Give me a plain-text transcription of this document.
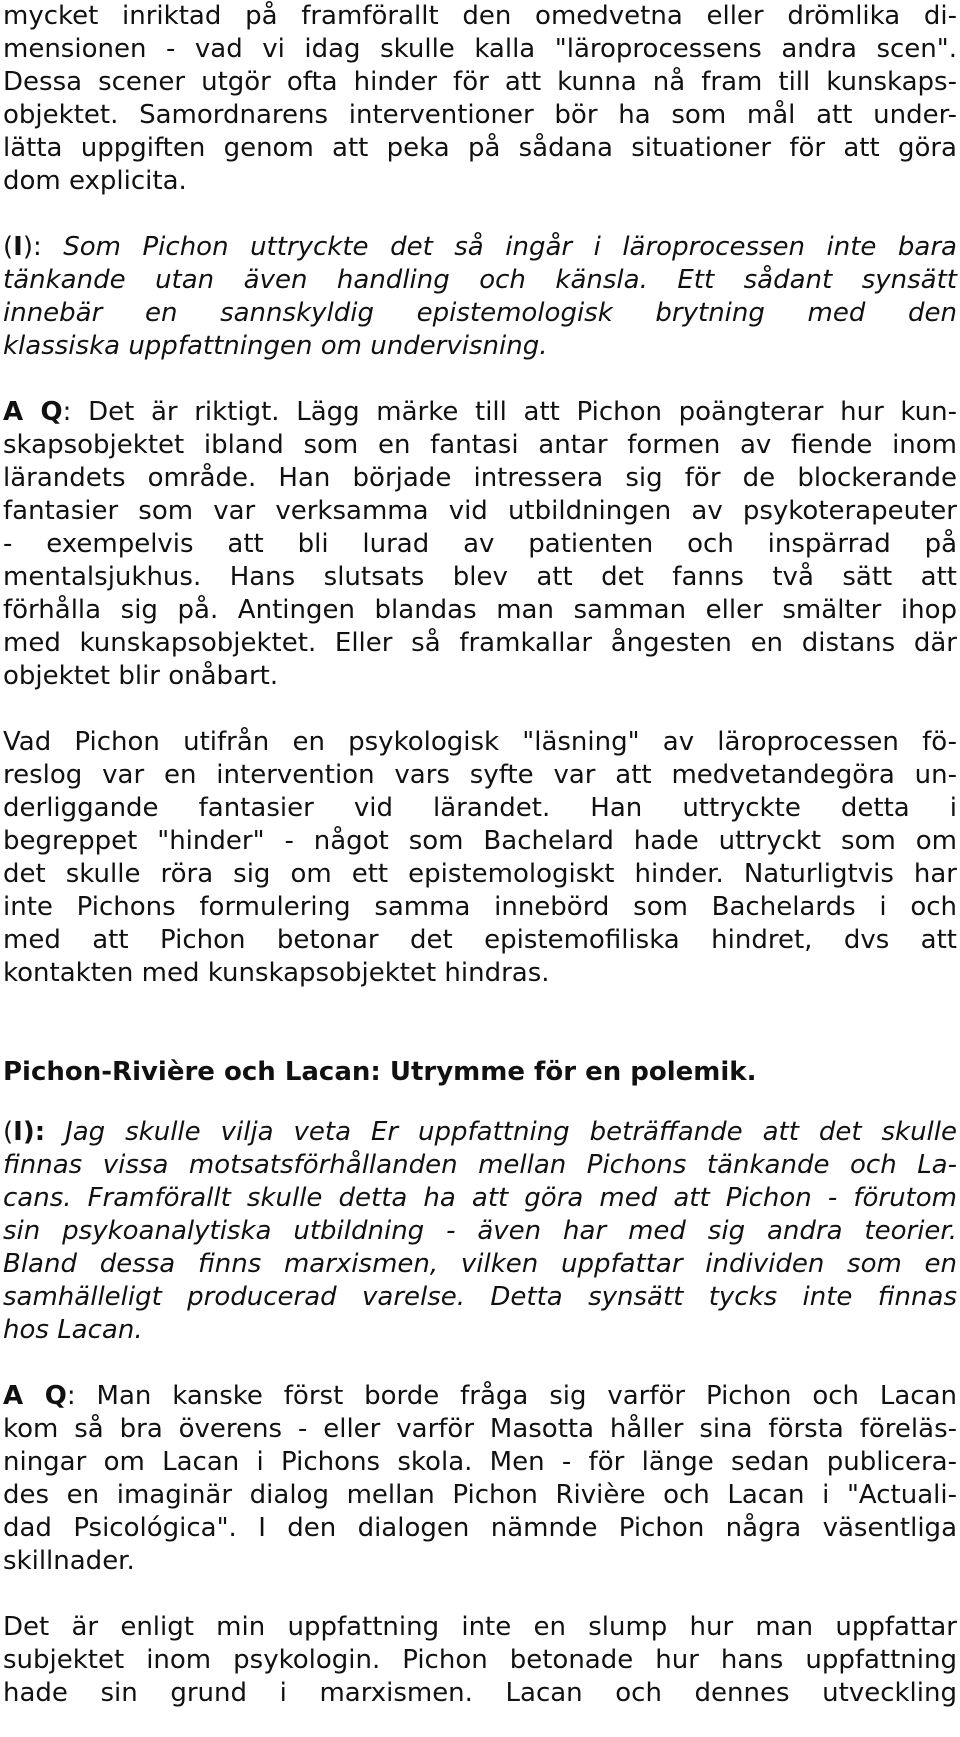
mycket inriktad på framförallt den omedvetna eller drömlika di-
mensionen - vad vi idag skulle kalla "läroprocessens andra scen".
Dessa scener utgör ofta hinder för att kunna nå fram till kunskaps-
objektet. Samordnarens interventioner bör ha som mål att under-
lätta uppgiften genom att peka på sådana situationer för att göra
dom explicita.
(I): Som Pichon uttryckte det så ingår i läroprocessen inte bara
tänkande utan även handling och känsla. Ett sådant synsätt
innebär en sannskyldig epistemologisk brytning med den
klassiska uppfattningen om undervisning.
A Q: Det är riktigt. Lägg märke till att Pichon poängterar hur kun-
skapsobjektet ibland som en fantasi antar formen av fiende inom
lärandets område. Han började intressera sig för de blockerande
fantasier som var verksamma vid utbildningen av psykoterapeuter
- exempelvis att bli lurad av patienten och inspärrad på
mentalsjukhus. Hans slutsats blev att det fanns två sätt att
förhålla sig på. Antingen blandas man samman eller smälter ihop
med kunskapsobjektet. Eller så framkallar ångesten en distans där
objektet blir onåbart.
Vad Pichon utifrån en psykologisk "läsning" av läroprocessen fö-
reslog var en intervention vars syfte var att medvetandegöra un-
derliggande fantasier vid lärandet. Han uttryckte detta i
begreppet "hinder" - något som Bachelard hade uttryckt som om
det skulle röra sig om ett epistemologiskt hinder. Naturligtvis har
inte Pichons formulering samma innebörd som Bachelards i och
med att Pichon betonar det epistemofiliska hindret, dvs att
kontakten med kunskapsobjektet hindras.
Pichon-Rivière och Lacan: Utrymme för en polemik.
(I): Jag skulle vilja veta Er uppfattning beträffande att det skulle
finnas vissa motsatsförhållanden mellan Pichons tänkande och La-
cans. Framförallt skulle detta ha att göra med att Pichon - förutom
sin psykoanalytiska utbildning - även har med sig andra teorier.
Bland dessa finns marxismen, vilken uppfattar individen som en
samhälleligt producerad varelse. Detta synsätt tycks inte finnas
hos Lacan.
A Q: Man kanske först borde fråga sig varför Pichon och Lacan
kom så bra överens - eller varför Masotta håller sina första föreläs-
ningar om Lacan i Pichons skola. Men - för länge sedan publicera-
des en imaginär dialog mellan Pichon Rivière och Lacan i "Actuali-
dad Psicológica". I den dialogen nämnde Pichon några väsentliga
skillnader.
Det är enligt min uppfattning inte en slump hur man uppfattar
subjektet inom psykologin. Pichon betonade hur hans uppfattning
hade sin grund i marxismen. Lacan och dennes utveckling
